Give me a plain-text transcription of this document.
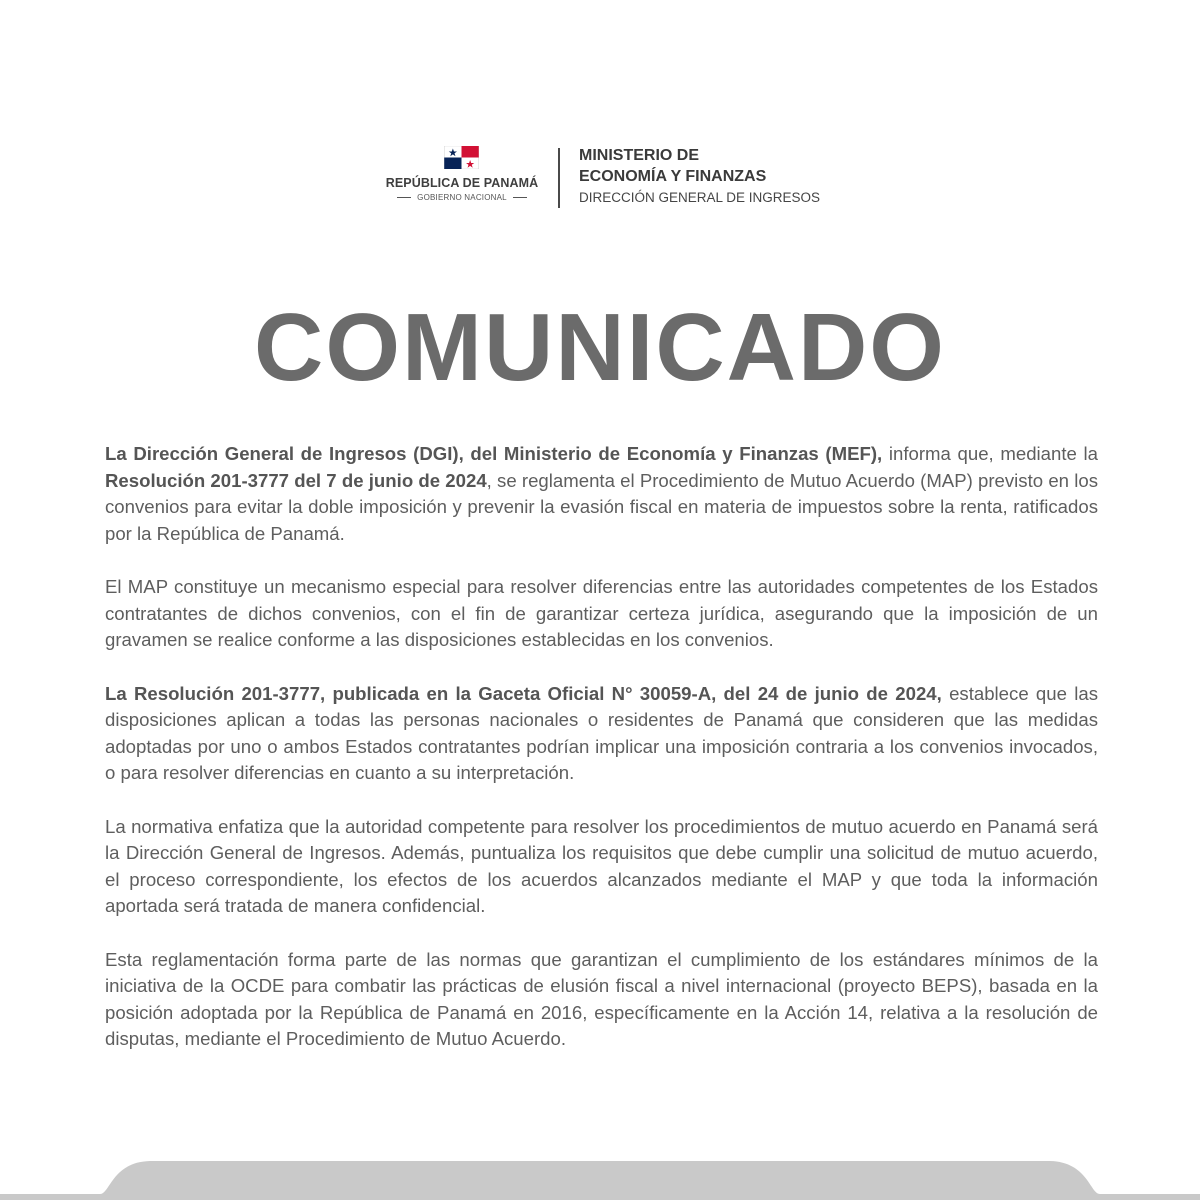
REPÚBLICA DE PANAMÁ
GOBIERNO NACIONAL
MINISTERIO DE
ECONOMÍA Y FINANZAS
DIRECCIÓN GENERAL DE INGRESOS
COMUNICADO

La Dirección General de Ingresos (DGI), del Ministerio de Economía y Finanzas (MEF), informa que, mediante la Resolución 201-3777 del 7 de junio de 2024, se reglamenta el Procedimiento de Mutuo Acuerdo (MAP) previsto en los convenios para evitar la doble imposición y prevenir la evasión fiscal en materia de impuestos sobre la renta, ratificados por la República de Panamá.

El MAP constituye un mecanismo especial para resolver diferencias entre las autoridades competentes de los Estados contratantes de dichos convenios, con el fin de garantizar certeza jurídica, asegurando que la imposición de un gravamen se realice conforme a las disposiciones establecidas en los convenios.

La Resolución 201-3777, publicada en la Gaceta Oficial N° 30059-A, del 24 de junio de 2024, establece que las disposiciones aplican a todas las personas nacionales o residentes de Panamá que consideren que las medidas adoptadas por uno o ambos Estados contratantes podrían implicar una imposición contraria a los convenios invocados, o para resolver diferencias en cuanto a su interpretación.

La normativa enfatiza que la autoridad competente para resolver los procedimientos de mutuo acuerdo en Panamá será la Dirección General de Ingresos. Además, puntualiza los requisitos que debe cumplir una solicitud de mutuo acuerdo, el proceso correspondiente, los efectos de los acuerdos alcanzados mediante el MAP y que toda la información aportada será tratada de manera confidencial.

Esta reglamentación forma parte de las normas que garantizan el cumplimiento de los estándares mínimos de la iniciativa de la OCDE para combatir las prácticas de elusión fiscal a nivel internacional (proyecto BEPS), basada en la posición adoptada por la República de Panamá en 2016, específicamente en la Acción 14, relativa a la resolución de disputas, mediante el Procedimiento de Mutuo Acuerdo.
